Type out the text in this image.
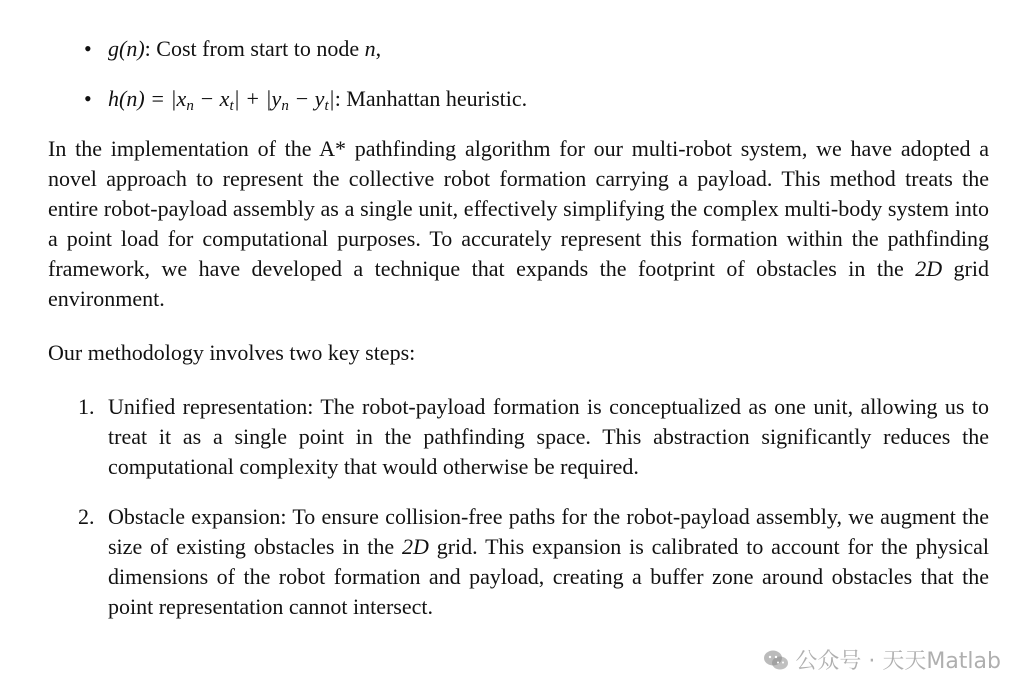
• g(n): Cost from start to node n,
• $h(n) = |x_n - x_t| + |y_n - y_t|$: Manhattan heuristic.

In the implementation of the A* pathfinding algorithm for our multi-robot system, we have adopted a novel approach to represent the collective robot formation carrying a payload. This method treats the entire robot-payload assembly as a single unit, effectively simplifying the complex multi-body system into a point load for computational purposes. To accurately represent this formation within the pathfinding framework, we have developed a technique that expands the footprint of obstacles in the 2D grid environment.

Our methodology involves two key steps:

1. Unified representation: The robot-payload formation is conceptualized as one unit, allowing us to treat it as a single point in the pathfinding space. This abstraction significantly reduces the computational complexity that would otherwise be required.
2. Obstacle expansion: To ensure collision-free paths for the robot-payload assembly, we augment the size of existing obstacles in the 2D grid. This expansion is calibrated to account for the physical dimensions of the robot formation and payload, creating a buffer zone around obstacles that the point representation cannot intersect.
公众号 · 天天Matlab
